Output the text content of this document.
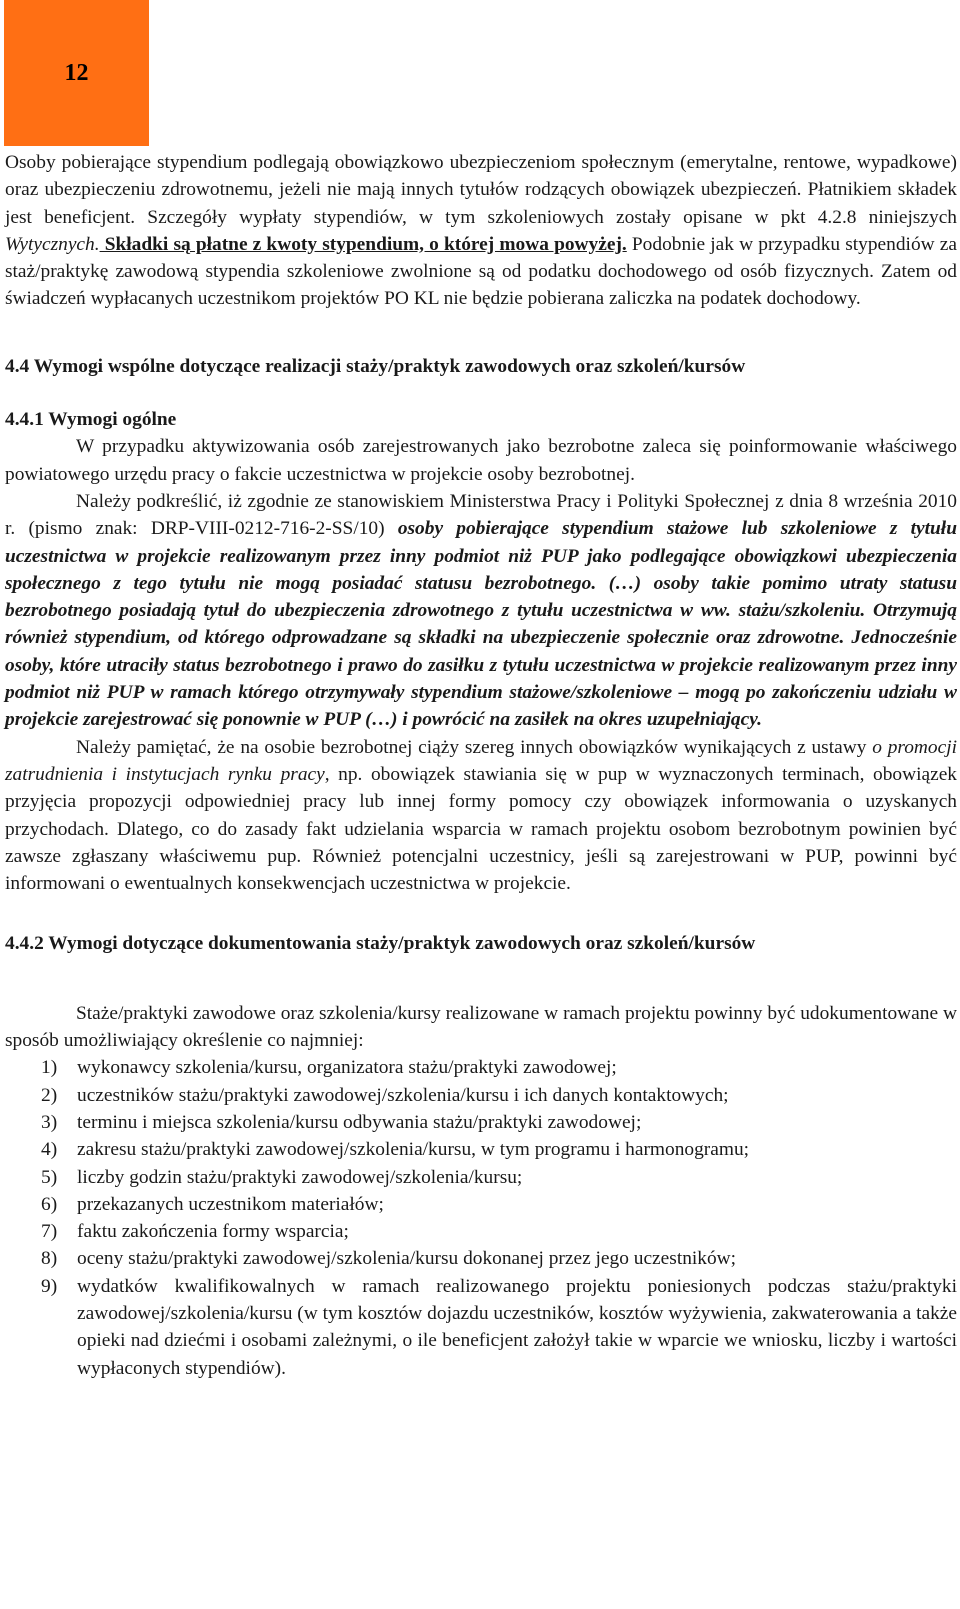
12

Osoby pobierające stypendium podlegają obowiązkowo ubezpieczeniom społecznym (emerytalne, rentowe, wypadkowe) oraz ubezpieczeniu zdrowotnemu, jeżeli nie mają innych tytułów rodzących obowiązek ubezpieczeń. Płatnikiem składek jest beneficjent. Szczegóły wypłaty stypendiów, w tym szkoleniowych zostały opisane w pkt 4.2.8 niniejszych Wytycznych. Składki są płatne z kwoty stypendium, o której mowa powyżej. Podobnie jak w przypadku stypendiów za staż/praktykę zawodową stypendia szkoleniowe zwolnione są od podatku dochodowego od osób fizycznych. Zatem od świadczeń wypłacanych uczestnikom projektów PO KL nie będzie pobierana zaliczka na podatek dochodowy.

4.4 Wymogi wspólne dotyczące realizacji staży/praktyk zawodowych oraz szkoleń/kursów
4.4.1 Wymogi ogólne

W przypadku aktywizowania osób zarejestrowanych jako bezrobotne zaleca się poinformowanie właściwego powiatowego urzędu pracy o fakcie uczestnictwa w projekcie osoby bezrobotnej.

Należy podkreślić, iż zgodnie ze stanowiskiem Ministerstwa Pracy i Polityki Społecznej z dnia 8 września 2010 r. (pismo znak: DRP-VIII-0212-716-2-SS/10) osoby pobierające stypendium stażowe lub szkoleniowe z tytułu uczestnictwa w projekcie realizowanym przez inny podmiot niż PUP jako podlegające obowiązkowi ubezpieczenia społecznego z tego tytułu nie mogą posiadać statusu bezrobotnego. (…) osoby takie pomimo utraty statusu bezrobotnego posiadają tytuł do ubezpieczenia zdrowotnego z tytułu uczestnictwa w ww. stażu/szkoleniu. Otrzymują również stypendium, od którego odprowadzane są składki na ubezpieczenie społecznie oraz zdrowotne. Jednocześnie osoby, które utraciły status bezrobotnego i prawo do zasiłku z tytułu uczestnictwa w projekcie realizowanym przez inny podmiot niż PUP w ramach którego otrzymywały stypendium stażowe/szkoleniowe – mogą po zakończeniu udziału w projekcie zarejestrować się ponownie w PUP (…) i powrócić na zasiłek na okres uzupełniający.

Należy pamiętać, że na osobie bezrobotnej ciąży szereg innych obowiązków wynikających z ustawy o promocji zatrudnienia i instytucjach rynku pracy, np. obowiązek stawiania się w pup w wyznaczonych terminach, obowiązek przyjęcia propozycji odpowiedniej pracy lub innej formy pomocy czy obowiązek informowania o uzyskanych przychodach. Dlatego, co do zasady fakt udzielania wsparcia w ramach projektu osobom bezrobotnym powinien być zawsze zgłaszany właściwemu pup. Również potencjalni uczestnicy, jeśli są zarejestrowani w PUP, powinni być informowani o ewentualnych konsekwencjach uczestnictwa w projekcie.

4.4.2 Wymogi dotyczące dokumentowania staży/praktyk zawodowych oraz szkoleń/kursów

Staże/praktyki zawodowe oraz szkolenia/kursy realizowane w ramach projektu powinny być udokumentowane w sposób umożliwiający określenie co najmniej:

1)	wykonawcy szkolenia/kursu, organizatora stażu/praktyki zawodowej;
2)	uczestników stażu/praktyki zawodowej/szkolenia/kursu i ich danych kontaktowych;
3)	terminu i miejsca szkolenia/kursu odbywania stażu/praktyki zawodowej;
4)	zakresu stażu/praktyki zawodowej/szkolenia/kursu, w tym programu i harmonogramu;
5)	liczby godzin stażu/praktyki zawodowej/szkolenia/kursu;
6)	przekazanych uczestnikom materiałów;
7)	faktu zakończenia formy wsparcia;
8)	oceny stażu/praktyki zawodowej/szkolenia/kursu dokonanej przez jego uczestników;
9)	wydatków kwalifikowalnych w ramach realizowanego projektu poniesionych podczas stażu/praktyki zawodowej/szkolenia/kursu (w tym kosztów dojazdu uczestników, kosztów wyżywienia, zakwaterowania a także opieki nad dziećmi i osobami zależnymi, o ile beneficjent założył takie w wparcie we wniosku, liczby i wartości wypłaconych stypendiów).
